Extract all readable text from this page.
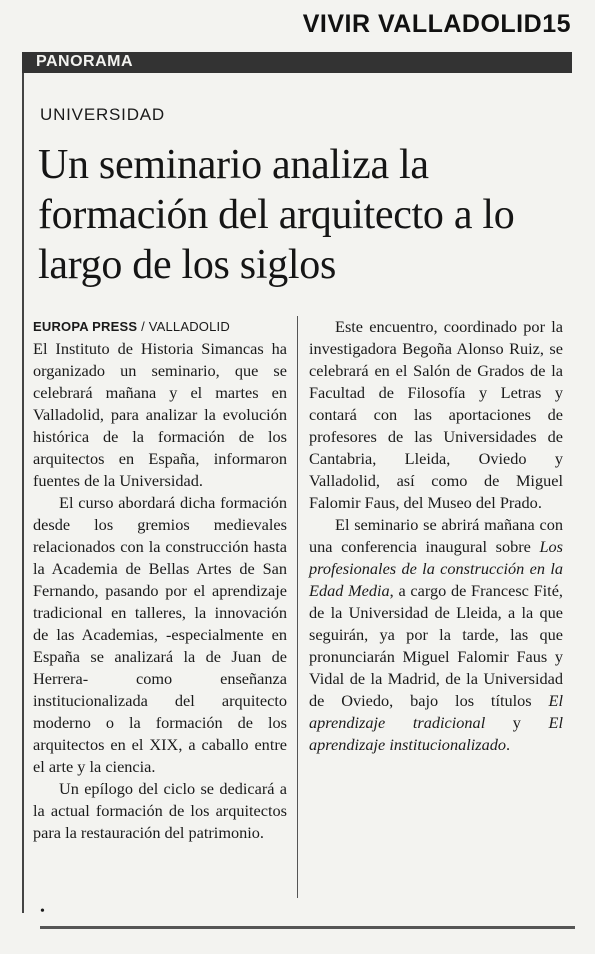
VIVIR VALLADOLID15
PANORAMA
UNIVERSIDAD
Un seminario analiza la formación del arquitecto a lo largo de los siglos
EUROPA PRESS / VALLADOLID

El Instituto de Historia Simancas ha organizado un seminario, que se celebrará mañana y el martes en Valladolid, para analizar la evolución histórica de la formación de los arquitectos en España, informaron fuentes de la Universidad.

El curso abordará dicha formación desde los gremios medievales relacionados con la construcción hasta la Academia de Bellas Artes de San Fernando, pasando por el aprendizaje tradicional en talleres, la innovación de las Academias, -especialmente en España se analizará la de Juan de Herrera- como enseñanza institucionalizada del arquitecto moderno o la formación de los arquitectos en el XIX, a caballo entre el arte y la ciencia.

Un epílogo del ciclo se dedicará a la actual formación de los arquitectos para la restauración del patrimonio.

Este encuentro, coordinado por la investigadora Begoña Alonso Ruiz, se celebrará en el Salón de Grados de la Facultad de Filosofía y Letras y contará con las aportaciones de profesores de las Universidades de Cantabria, Lleida, Oviedo y Valladolid, así como de Miguel Falomir Faus, del Museo del Prado.

El seminario se abrirá mañana con una conferencia inaugural sobre Los profesionales de la construcción en la Edad Media, a cargo de Francesc Fité, de la Universidad de Lleida, a la que seguirán, ya por la tarde, las que pronunciarán Miguel Falomir Faus y Vidal de la Madrid, de la Universidad de Oviedo, bajo los títulos El aprendizaje tradicional y El aprendizaje institucionalizado.

•
